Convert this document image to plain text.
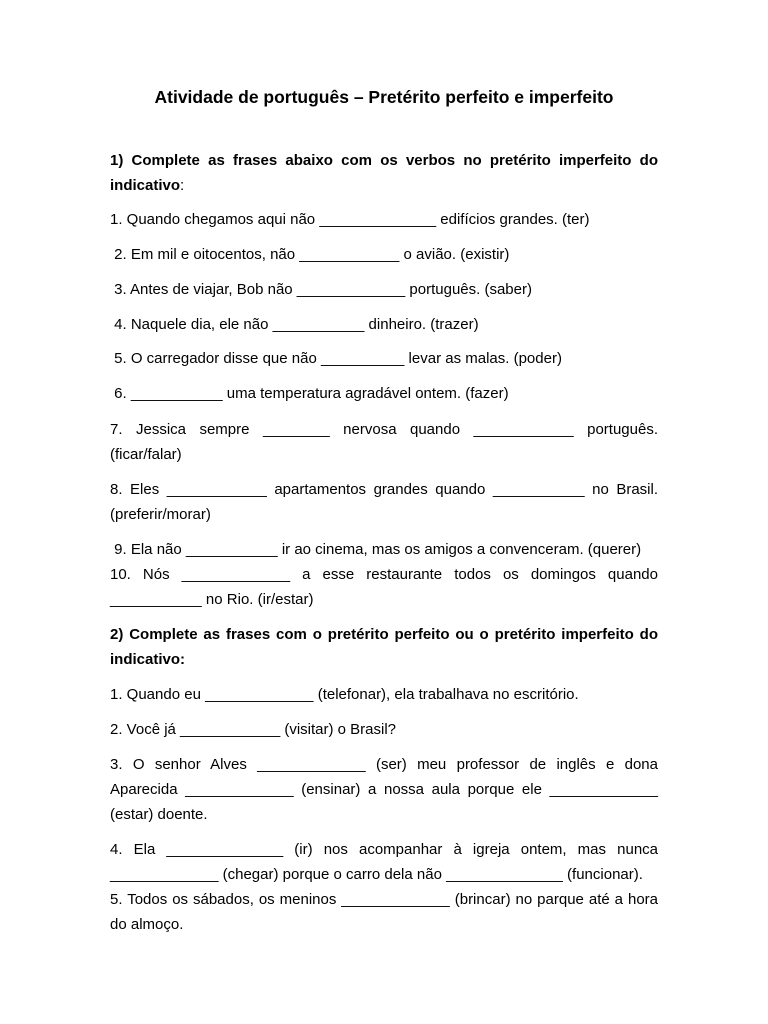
Atividade de português – Pretérito perfeito e imperfeito
1) Complete as frases abaixo com os verbos no pretérito imperfeito do indicativo:
1. Quando chegamos aqui não ______________ edifícios grandes. (ter)
2. Em mil e oitocentos, não ____________ o avião. (existir)
3. Antes de viajar, Bob não _____________ português. (saber)
4. Naquele dia, ele não ___________ dinheiro. (trazer)
5. O carregador disse que não __________ levar as malas. (poder)
6. ___________ uma temperatura agradável ontem. (fazer)
7. Jessica sempre ________ nervosa quando ____________ português. (ficar/falar)
8. Eles ____________ apartamentos grandes quando ___________ no Brasil. (preferir/morar)
9. Ela não ___________ ir ao cinema, mas os amigos a convenceram. (querer)
10. Nós _____________ a esse restaurante todos os domingos quando ___________ no Rio. (ir/estar)
2) Complete as frases com o pretérito perfeito ou o pretérito imperfeito do indicativo:
1. Quando eu _____________ (telefonar), ela trabalhava no escritório.
2. Você já ____________ (visitar) o Brasil?
3. O senhor Alves _____________ (ser) meu professor de inglês e dona Aparecida _____________ (ensinar) a nossa aula porque ele _____________ (estar) doente.
4. Ela ______________ (ir) nos acompanhar à igreja ontem, mas nunca _____________ (chegar) porque o carro dela não ______________ (funcionar).
5. Todos os sábados, os meninos _____________ (brincar) no parque até a hora do almoço.
